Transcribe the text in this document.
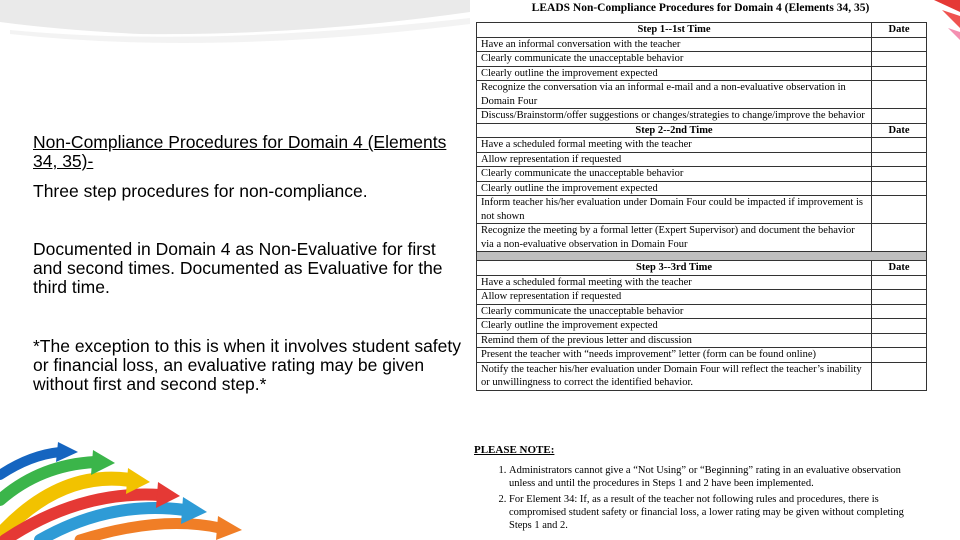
Non-Compliance Procedures for Domain 4 (Elements 34, 35)-

Three step procedures for non-compliance.

Documented in Domain 4 as Non-Evaluative for first and second times. Documented as Evaluative for the third time.

*The exception to this is when it involves student safety or financial loss, an evaluative rating may be given without first and second step.*

LEADS Non-Compliance Procedures for Domain 4 (Elements 34, 35)
Step 1--1st Time	Date
Have an informal conversation with the teacher	
Clearly communicate the unacceptable behavior	
Clearly outline the improvement expected	
Recognize the conversation via an informal e-mail and a non-evaluative observation in Domain Four	
Discuss/Brainstorm/offer suggestions or changes/strategies to change/improve the behavior	
Step 2--2nd Time	Date
Have a scheduled formal meeting with the teacher	
Allow representation if requested	
Clearly communicate the unacceptable behavior	
Clearly outline the improvement expected	
Inform teacher his/her evaluation under Domain Four could be impacted if improvement is not shown	
Recognize the meeting by a formal letter (Expert Supervisor) and document the behavior via a non-evaluative observation in Domain Four	

Step 3--3rd Time	Date
Have a scheduled formal meeting with the teacher	
Allow representation if requested	
Clearly communicate the unacceptable behavior	
Clearly outline the improvement expected	
Remind them of the previous letter and discussion	
Present the teacher with “needs improvement” letter (form can be found online)	
Notify the teacher his/her evaluation under Domain Four will reflect the teacher’s inability or unwillingness to correct the identified behavior.	
PLEASE NOTE:
1. Administrators cannot give a “Not Using” or “Beginning” rating in an evaluative observation unless and until the procedures in Steps 1 and 2 have been implemented.
2. For Element 34: If, as a result of the teacher not following rules and procedures, there is compromised student safety or financial loss, a lower rating may be given without completing Steps 1 and 2.
